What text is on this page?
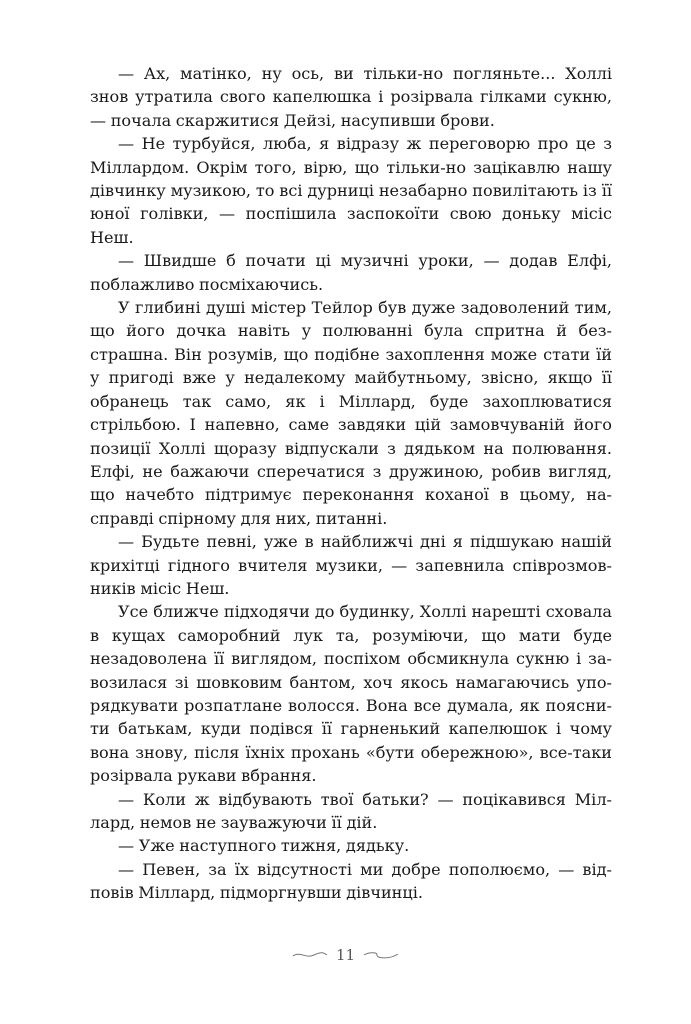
— Ах, матінко, ну ось, ви тільки-но погляньте... Холлі знов утратила свого капелюшка і розірвала гілками сукню, — почала скаржитися Дейзі, насупивши брови.

— Не турбуйся, люба, я відразу ж переговорю про це з Міллардом. Окрім того, вірю, що тільки-но зацікавлю нашу дівчинку музикою, то всі дурниці незабарно повилітають із її юної голівки, — поспішила заспокоїти свою доньку місіс Неш.

— Швидше б почати ці музичні уроки, — додав Елфі, поблажливо посміхаючись.

У глибині душі містер Тейлор був дуже задоволений тим, що його дочка навіть у полюванні була спритна й безстрашна. Він розумів, що подібне захоплення може стати їй у пригоді вже у недалекому майбутньому, звісно, якщо її обранець так само, як і Міллард, буде захоплюватися стрільбою. І напевно, саме завдяки цій замовчуваній його позиції Холлі щоразу відпускали з дядьком на полювання. Елфі, не бажаючи сперечатися з дружиною, робив вигляд, що начебто підтримує переконання коханої в цьому, насправді спірному для них, питанні.

— Будьте певні, уже в найближчі дні я підшукаю нашій крихітці гідного вчителя музики, — запевнила співрозмовників місіс Неш.

Усе ближче підходячи до будинку, Холлі нарешті сховала в кущах саморобний лук та, розуміючи, що мати буде незадоволена її виглядом, поспіхом обсмикнула сукню і завозилася зі шовковим бантом, хоч якось намагаючись упорядкувати розпатлане волосся. Вона все думала, як пояснити батькам, куди подівся її гарненький капелюшок і чому вона знову, після їхніх прохань «бути обережною», все-таки розірвала рукави вбрання.

— Коли ж відбувають твої батьки? — поцікавився Міллард, немов не зауважуючи її дій.

— Уже наступного тижня, дядьку.

— Певен, за їх відсутності ми добре пополюємо, — відповів Міллард, підморгнувши дівчинці.

11
